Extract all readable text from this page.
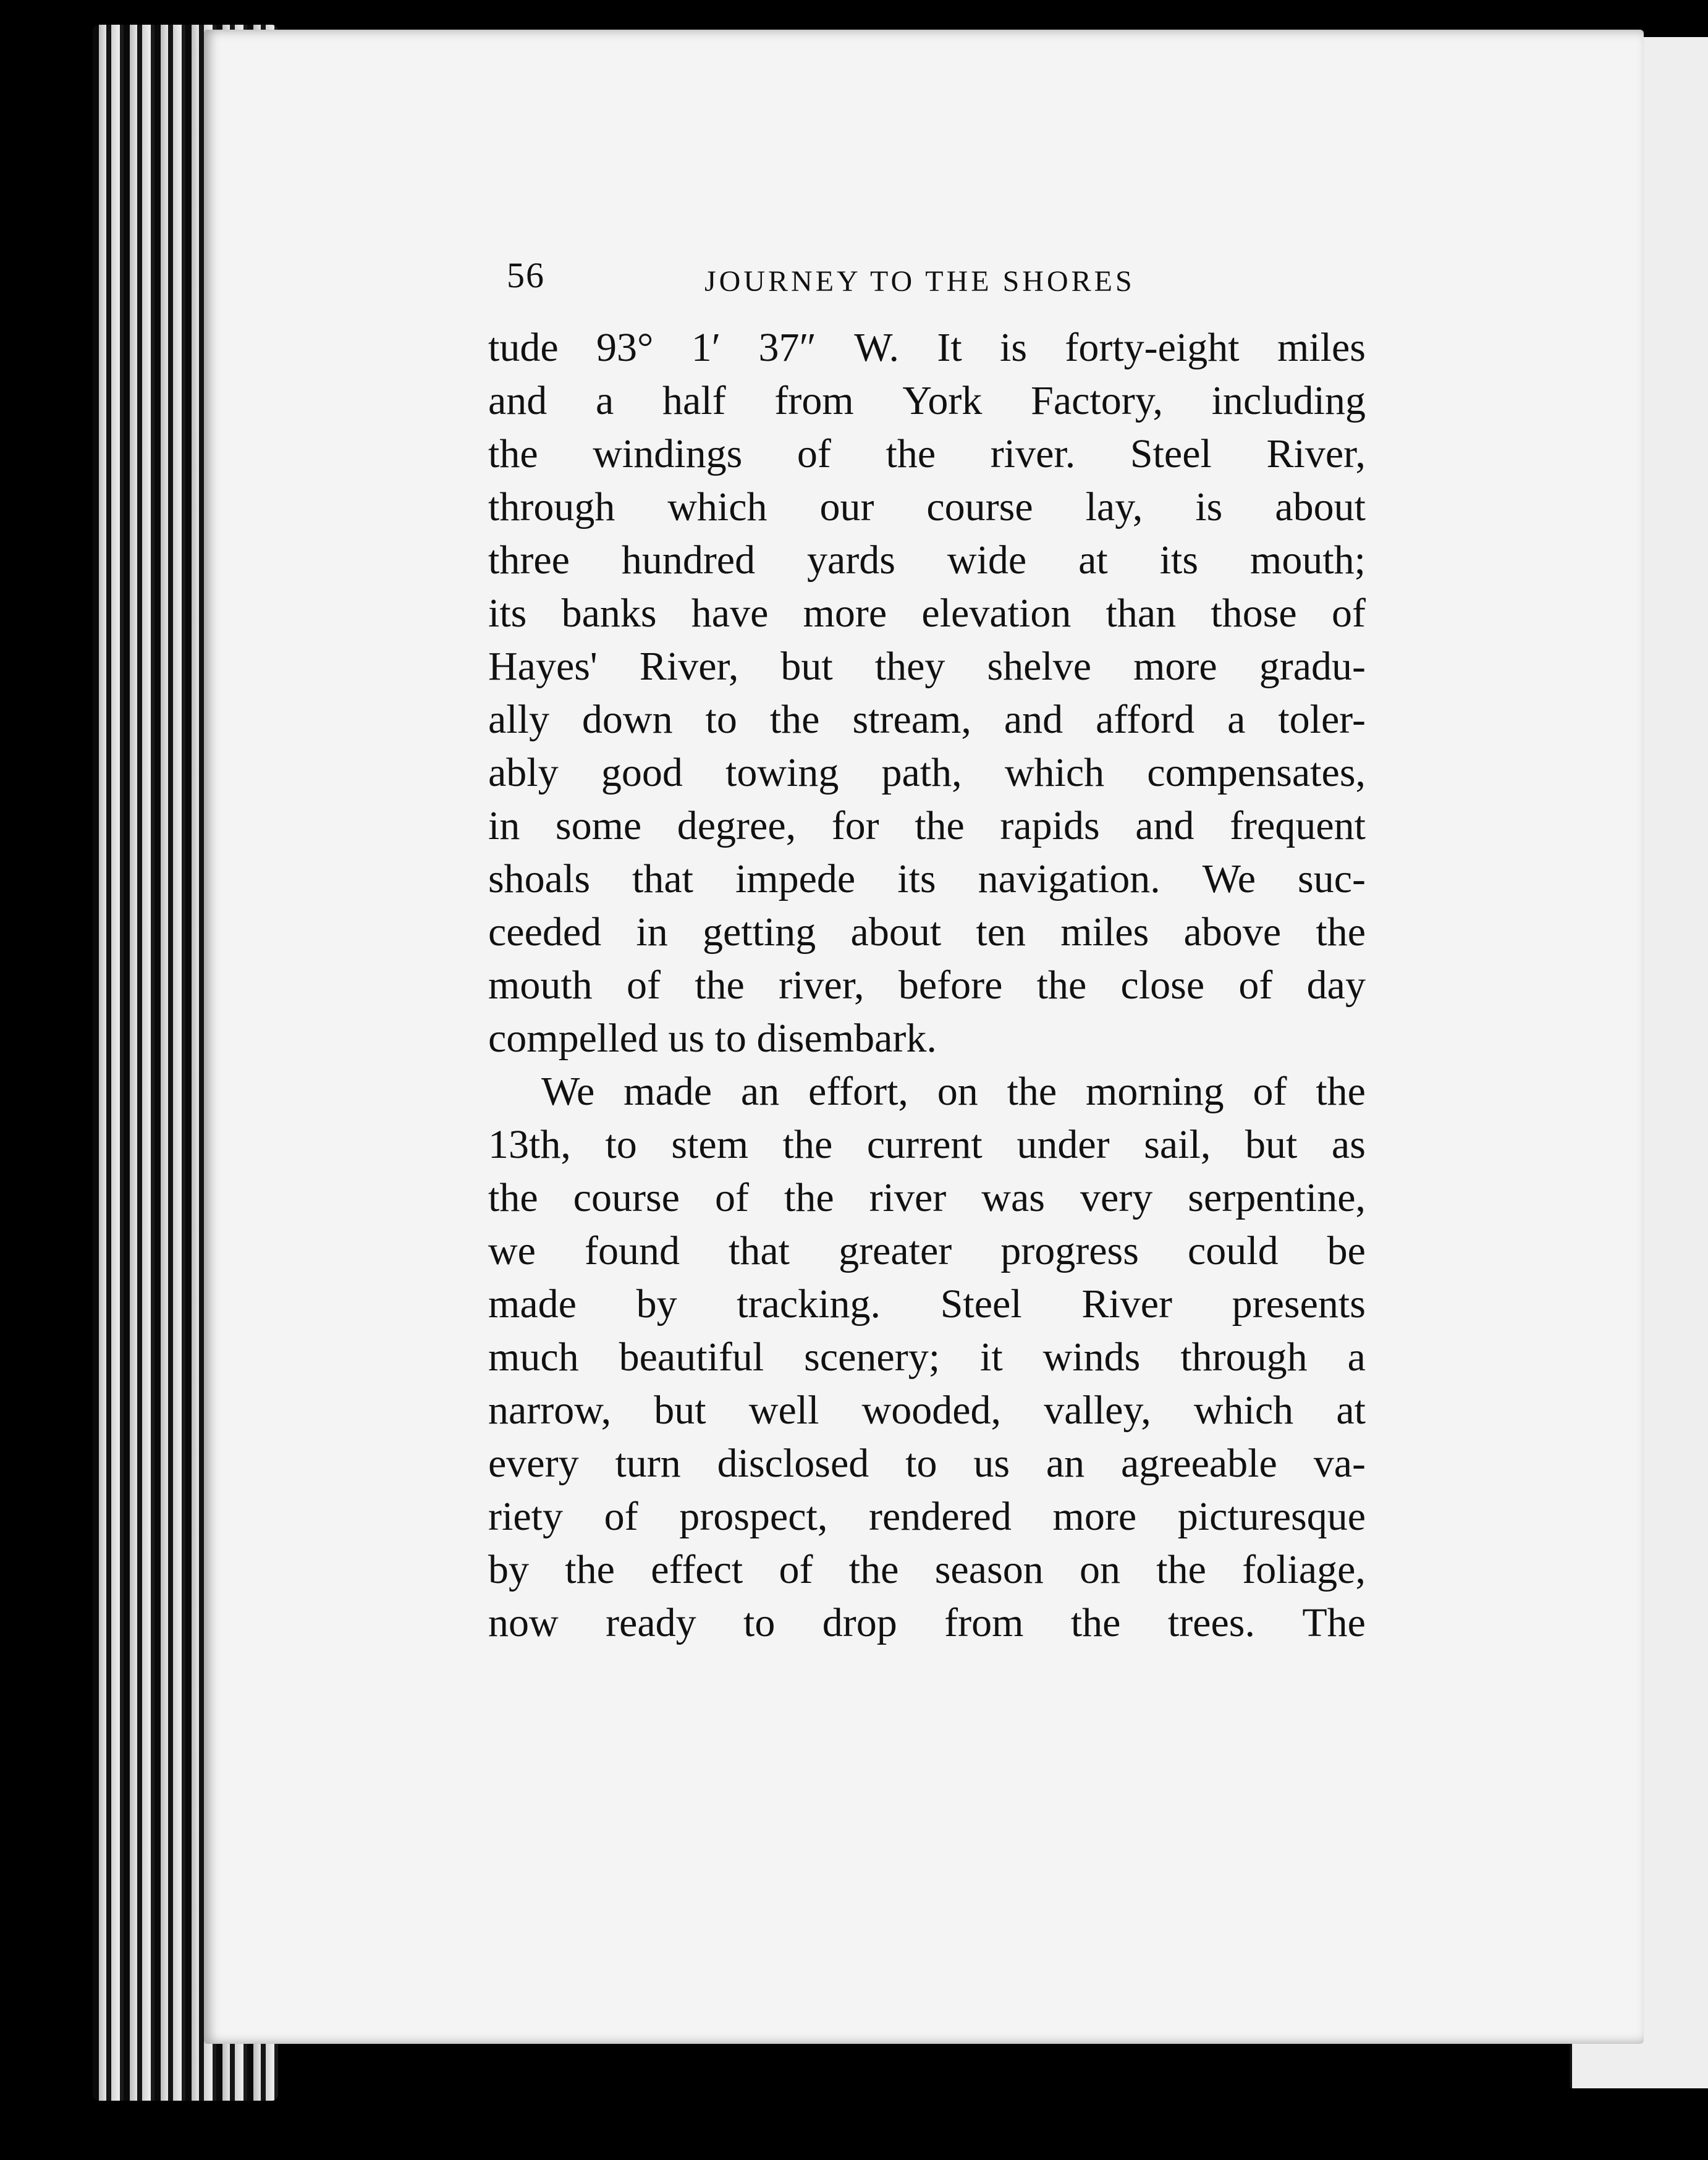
56	JOURNEY TO THE SHORES
tude 93° 1′ 37″ W. It is forty-eight miles
and a half from York Factory, including
the windings of the river. Steel River,
through which our course lay, is about
three hundred yards wide at its mouth;
its banks have more elevation than those of
Hayes' River, but they shelve more gradu-
ally down to the stream, and afford a toler-
ably good towing path, which compensates,
in some degree, for the rapids and frequent
shoals that impede its navigation. We suc-
ceeded in getting about ten miles above the
mouth of the river, before the close of day
compelled
us
to
disembark.
We made an effort, on the morning of the
13th, to stem the current under sail, but as
the course of the river was very serpentine,
we found that greater progress could be
made by tracking. Steel River presents
much beautiful scenery; it winds through a
narrow, but well wooded, valley, which at
every turn disclosed to us an agreeable va-
riety of prospect, rendered more picturesque
by the effect of the season on the foliage,
now ready to drop from the trees. The
